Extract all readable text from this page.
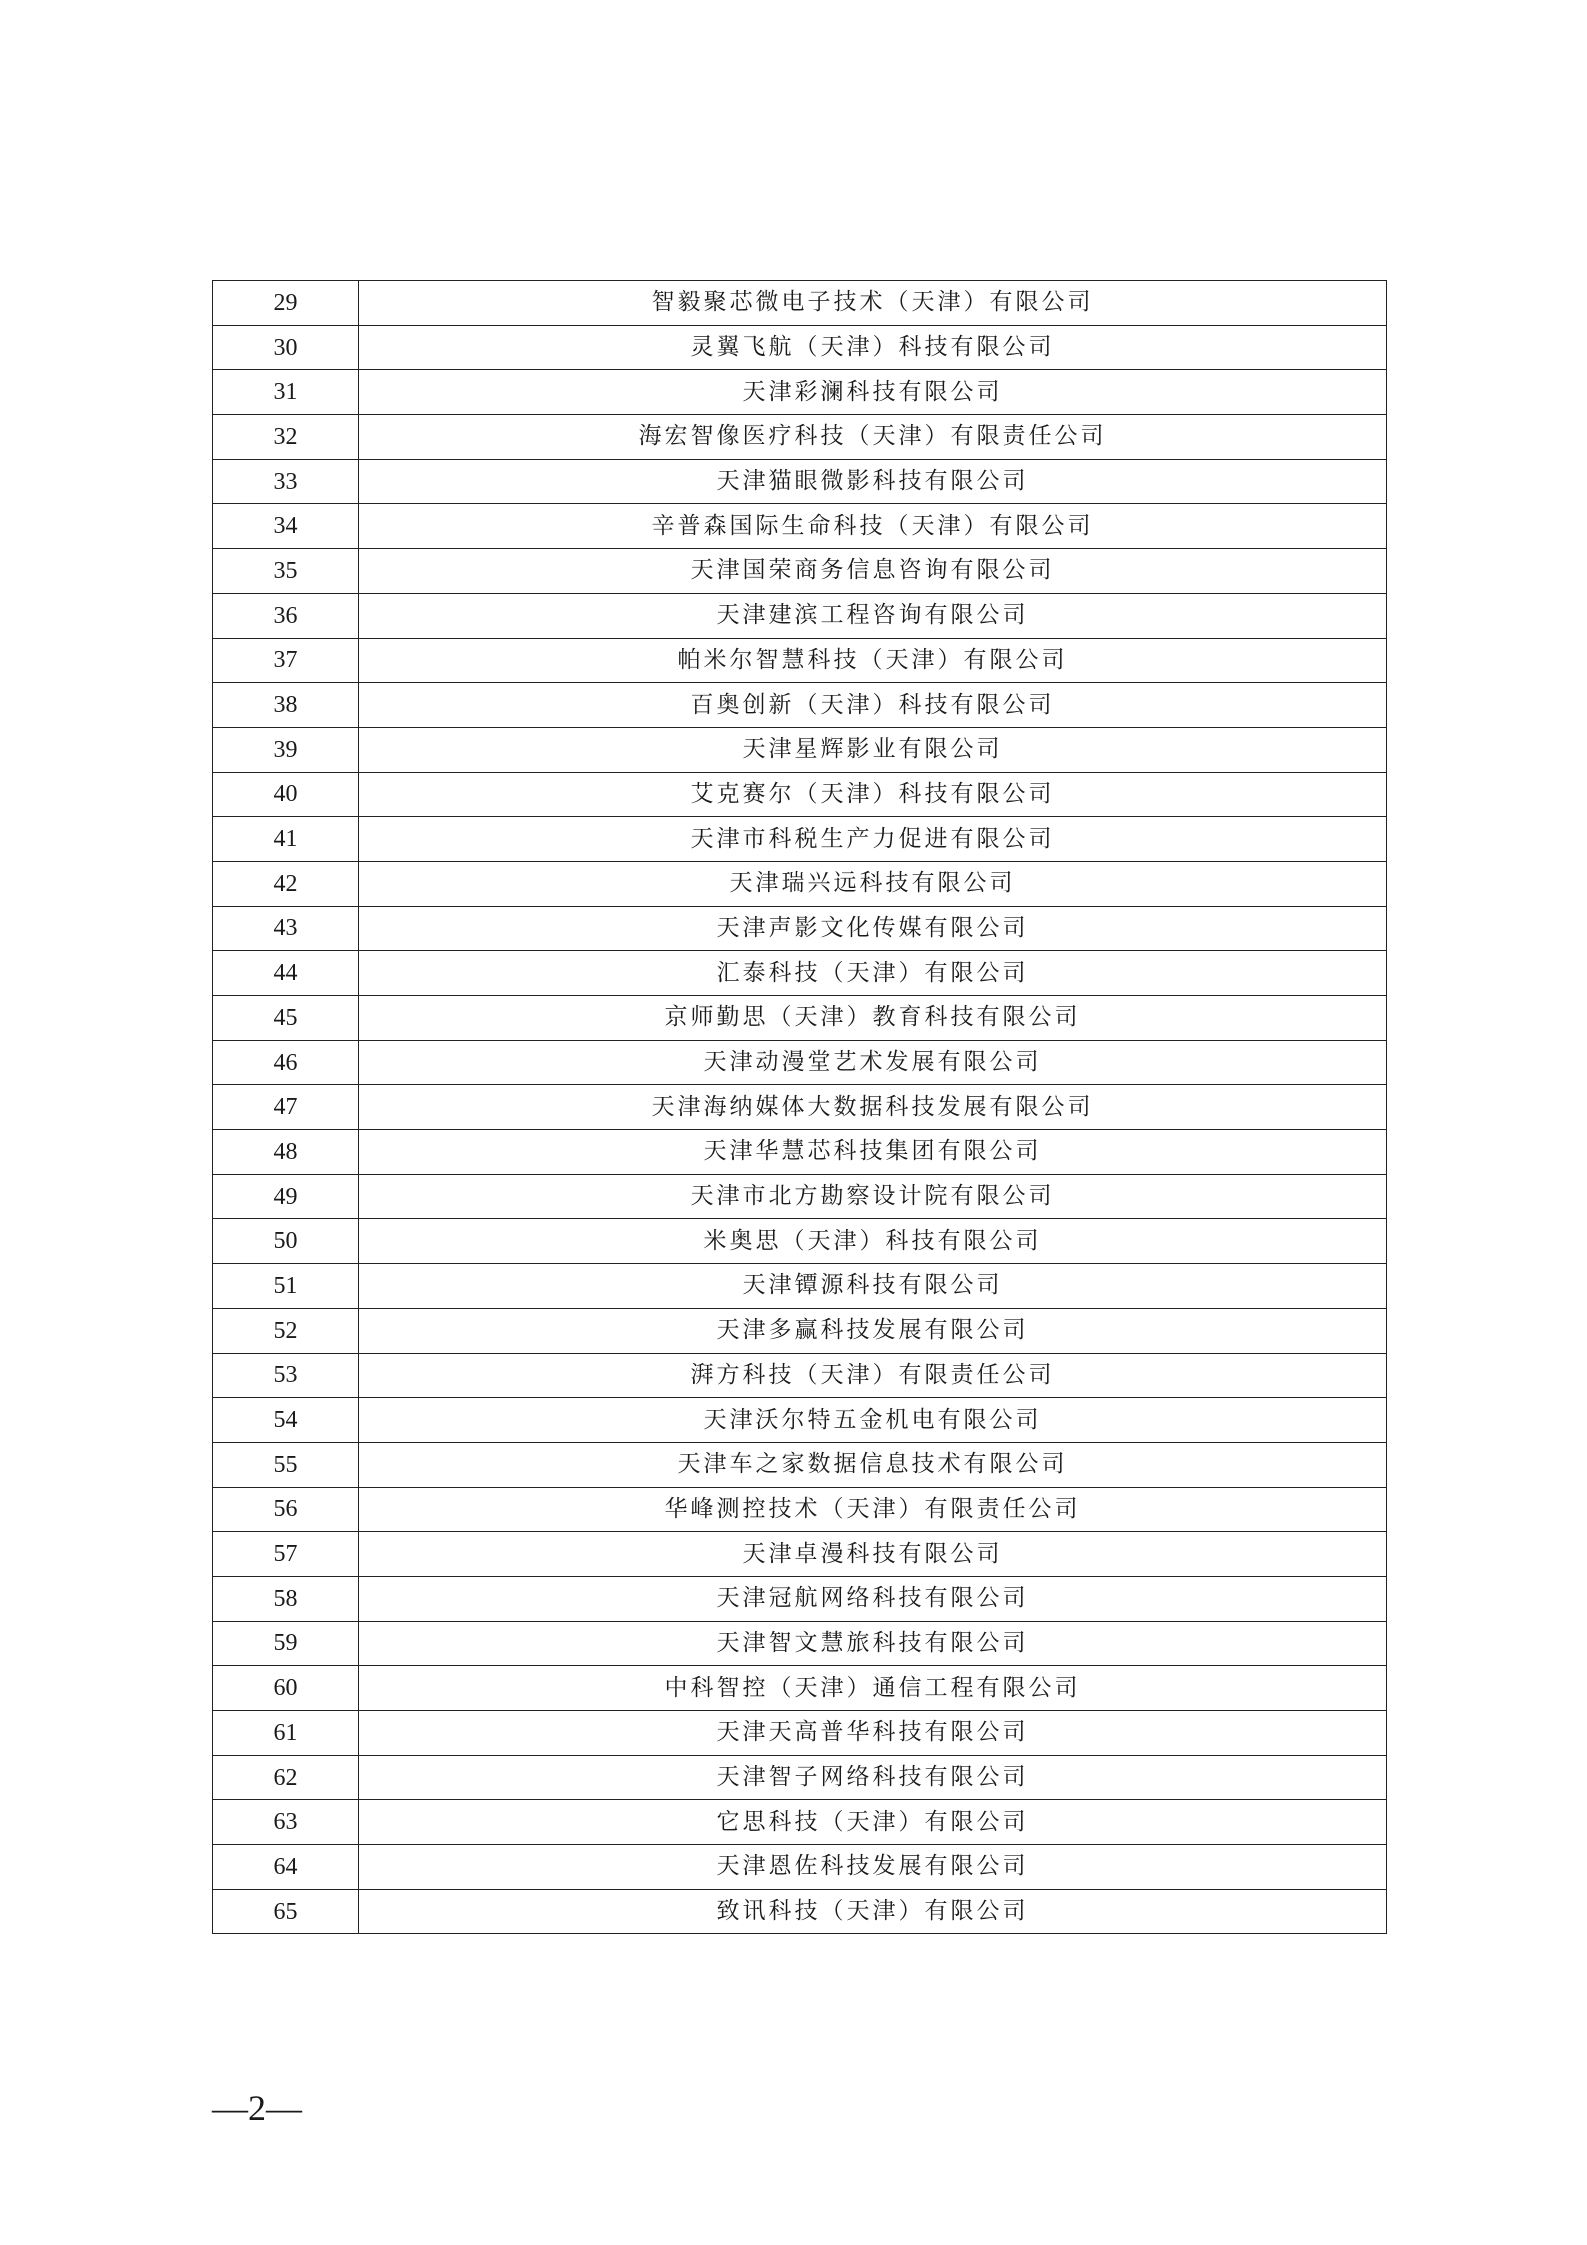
29	智毅聚芯微电子技术（天津）有限公司
30	灵翼飞航（天津）科技有限公司
31	天津彩澜科技有限公司
32	海宏智像医疗科技（天津）有限责任公司
33	天津猫眼微影科技有限公司
34	辛普森国际生命科技（天津）有限公司
35	天津国荣商务信息咨询有限公司
36	天津建滨工程咨询有限公司
37	帕米尔智慧科技（天津）有限公司
38	百奥创新（天津）科技有限公司
39	天津星辉影业有限公司
40	艾克赛尔（天津）科技有限公司
41	天津市科税生产力促进有限公司
42	天津瑞兴远科技有限公司
43	天津声影文化传媒有限公司
44	汇泰科技（天津）有限公司
45	京师勤思（天津）教育科技有限公司
46	天津动漫堂艺术发展有限公司
47	天津海纳媒体大数据科技发展有限公司
48	天津华慧芯科技集团有限公司
49	天津市北方勘察设计院有限公司
50	米奥思（天津）科技有限公司
51	天津镡源科技有限公司
52	天津多赢科技发展有限公司
53	湃方科技（天津）有限责任公司
54	天津沃尔特五金机电有限公司
55	天津车之家数据信息技术有限公司
56	华峰测控技术（天津）有限责任公司
57	天津卓漫科技有限公司
58	天津冠航网络科技有限公司
59	天津智文慧旅科技有限公司
60	中科智控（天津）通信工程有限公司
61	天津天高普华科技有限公司
62	天津智子网络科技有限公司
63	它思科技（天津）有限公司
64	天津恩佐科技发展有限公司
65	致讯科技（天津）有限公司
—2—
